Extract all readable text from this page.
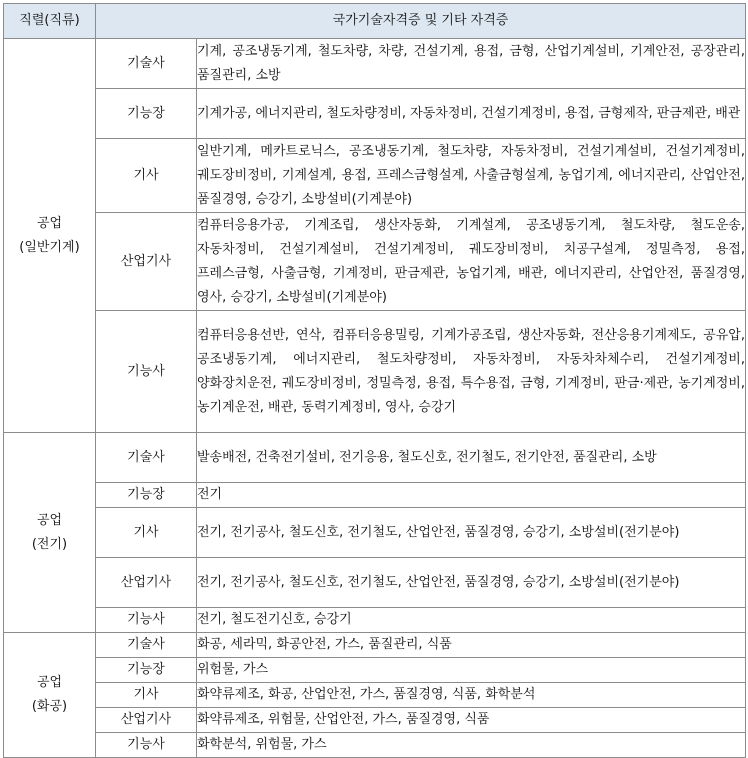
직렬(직류)	국가기술자격증 및 기타 자격증	

공업
(일반기계)	기술사	기계, 공조냉동기계, 철도차량, 차량, 건설기계, 용접, 금형, 산업기계설비, 기계안전, 공장관리, 품질관리, 소방
	기능장	기계가공, 에너지관리, 철도차량정비, 자동차정비, 건설기계정비, 용접, 금형제작, 판금제관, 배관
	기사	일반기계, 메카트로닉스, 공조냉동기계, 철도차량, 자동차정비, 건설기계설비, 건설기계정비, 궤도장비정비, 기계설계, 용접, 프레스금형설계, 사출금형설계, 농업기계, 에너지관리, 산업안전, 품질경영, 승강기, 소방설비(기계분야)
	산업기사	컴퓨터응용가공, 기계조립, 생산자동화, 기계설계, 공조냉동기계, 철도차량, 철도운송, 자동차정비, 건설기계설비, 건설기계정비, 궤도장비정비, 치공구설계, 정밀측정, 용접, 프레스금형, 사출금형, 기계정비, 판금제관, 농업기계, 배관, 에너지관리, 산업안전, 품질경영, 영사, 승강기, 소방설비(기계분야)
	기능사	컴퓨터응용선반, 연삭, 컴퓨터응용밀링, 기계가공조립, 생산자동화, 전산응용기계제도, 공유압, 공조냉동기계, 에너지관리, 철도차량정비, 자동차정비, 자동차차체수리, 건설기계정비, 양화장치운전, 궤도장비정비, 정밀측정, 용접, 특수용접, 금형, 기계정비, 판금·제관, 농기계정비, 농기계운전, 배관, 동력기계정비, 영사, 승강기

공업
(전기)	기술사	발송배전, 건축전기설비, 전기응용, 철도신호, 전기철도, 전기안전, 품질관리, 소방
	기능장	전기
	기사	전기, 전기공사, 철도신호, 전기철도, 산업안전, 품질경영, 승강기, 소방설비(전기분야)
	산업기사	전기, 전기공사, 철도신호, 전기철도, 산업안전, 품질경영, 승강기, 소방설비(전기분야)
	기능사	전기, 철도전기신호, 승강기

공업
(화공)	기술사	화공, 세라믹, 화공안전, 가스, 품질관리, 식품
	기능장	위험물, 가스
	기사	화약류제조, 화공, 산업안전, 가스, 품질경영, 식품, 화학분석
	산업기사	화약류제조, 위험물, 산업안전, 가스, 품질경영, 식품
	기능사	화학분석, 위험물, 가스
